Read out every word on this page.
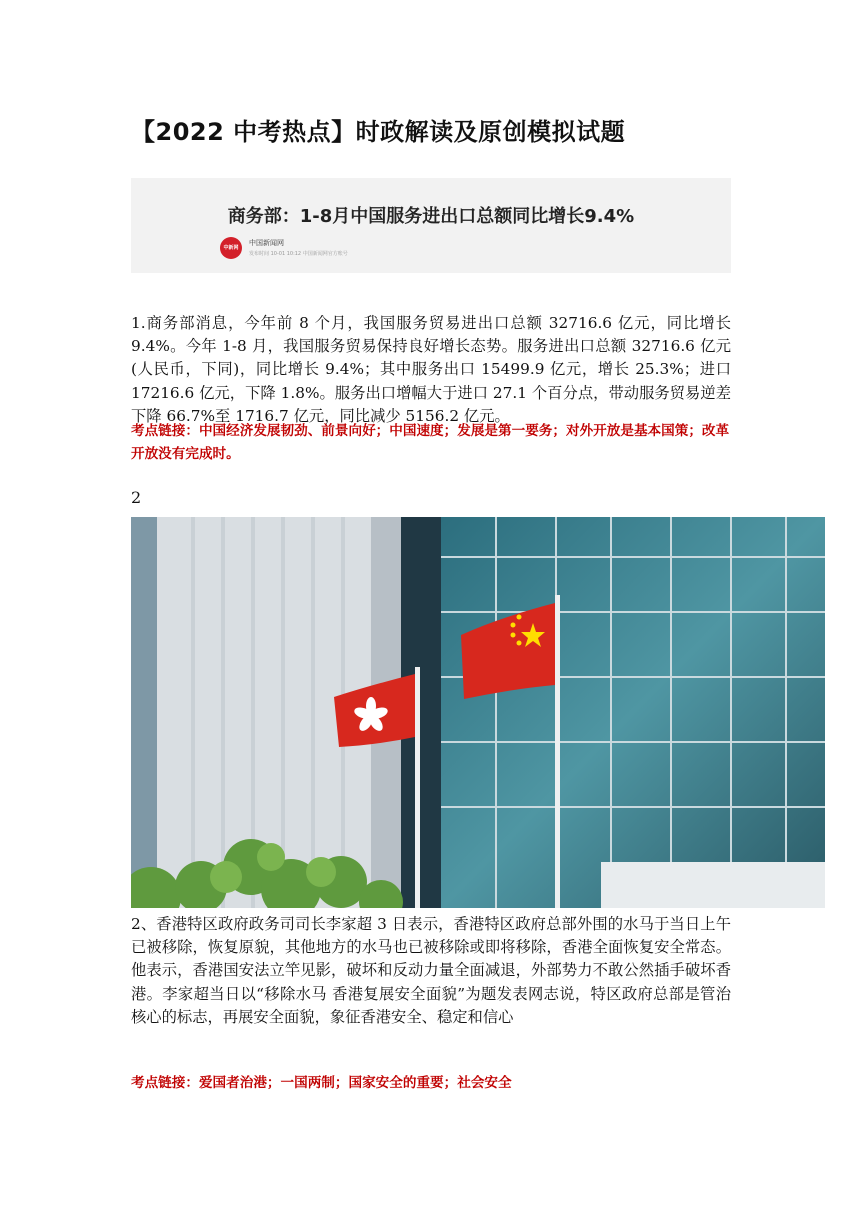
【2022 中考热点】时政解读及原创模拟试题
商务部：1-8月中国服务进出口总额同比增长9.4%
中新网
中国新闻网
发布时间 10-01 10:12 中国新闻网官方账号
1.商务部消息，今年前 8 个月，我国服务贸易进出口总额 32716.6 亿元，同比增长 9.4%。今年 1-8 月，我国服务贸易保持良好增长态势。服务进出口总额 32716.6 亿元(人民币，下同)，同比增长 9.4%；其中服务出口 15499.9 亿元，增长 25.3%；进口 17216.6 亿元，下降 1.8%。服务出口增幅大于进口 27.1 个百分点，带动服务贸易逆差下降 66.7%至 1716.7 亿元，同比减少 5156.2 亿元。
考点链接：中国经济发展韧劲、前景向好；中国速度；发展是第一要务；对外开放是基本国策；改革开放没有完成时。
2
2、香港特区政府政务司司长李家超 3 日表示，香港特区政府总部外围的水马于当日上午已被移除，恢复原貌，其他地方的水马也已被移除或即将移除，香港全面恢复安全常态。他表示，香港国安法立竿见影，破坏和反动力量全面减退，外部势力不敢公然插手破坏香港。李家超当日以“移除水马 香港复展安全面貌”为题发表网志说，特区政府总部是管治核心的标志，再展安全面貌，象征香港安全、稳定和信心
考点链接：爱国者治港；一国两制；国家安全的重要；社会安全
